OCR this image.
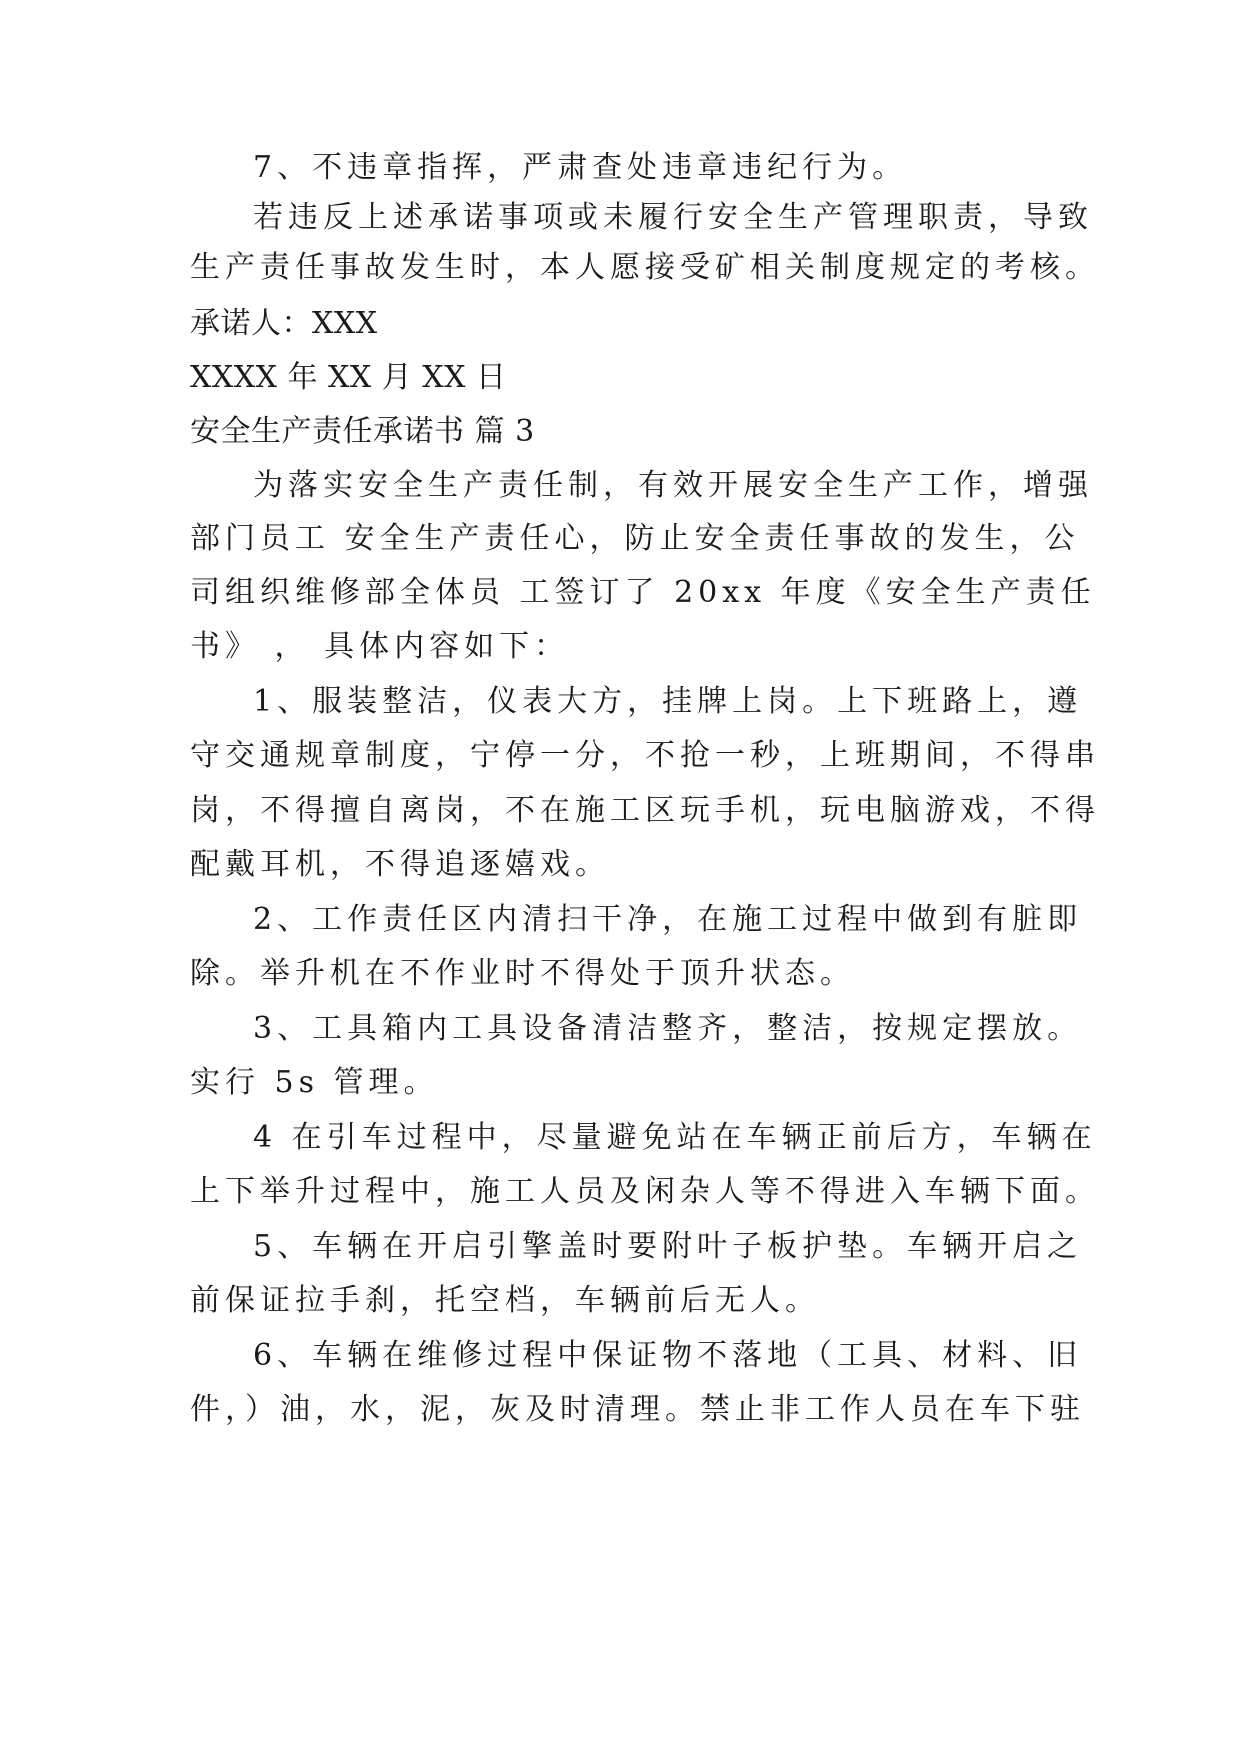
7、不违章指挥，严肃查处违章违纪行为。
若违反上述承诺事项或未履行安全生产管理职责，导致
生产责任事故发生时，本人愿接受矿相关制度规定的考核。
承诺人：XXX
XXXX 年 XX 月 XX 日
安全生产责任承诺书 篇 3
为落实安全生产责任制，有效开展安全生产工作，增强
部门员工 安全生产责任心，防止安全责任事故的发生，公
司组织维修部全体员 工签订了 20xx 年度《安全生产责任
书》 ， 具体内容如下：
1、服装整洁，仪表大方，挂牌上岗。上下班路上，遵
守交通规章制度，宁停一分，不抢一秒，上班期间，不得串
岗，不得擅自离岗，不在施工区玩手机，玩电脑游戏，不得
配戴耳机，不得追逐嬉戏。
2、工作责任区内清扫干净，在施工过程中做到有脏即
除。举升机在不作业时不得处于顶升状态。
3、工具箱内工具设备清洁整齐，整洁，按规定摆放。
实行 5s 管理。
4 在引车过程中，尽量避免站在车辆正前后方，车辆在
上下举升过程中，施工人员及闲杂人等不得进入车辆下面。
5、车辆在开启引擎盖时要附叶子板护垫。车辆开启之
前保证拉手刹，托空档，车辆前后无人。
6、车辆在维修过程中保证物不落地（工具、材料、旧
件，）油，水，泥，灰及时清理。禁止非工作人员在车下驻
